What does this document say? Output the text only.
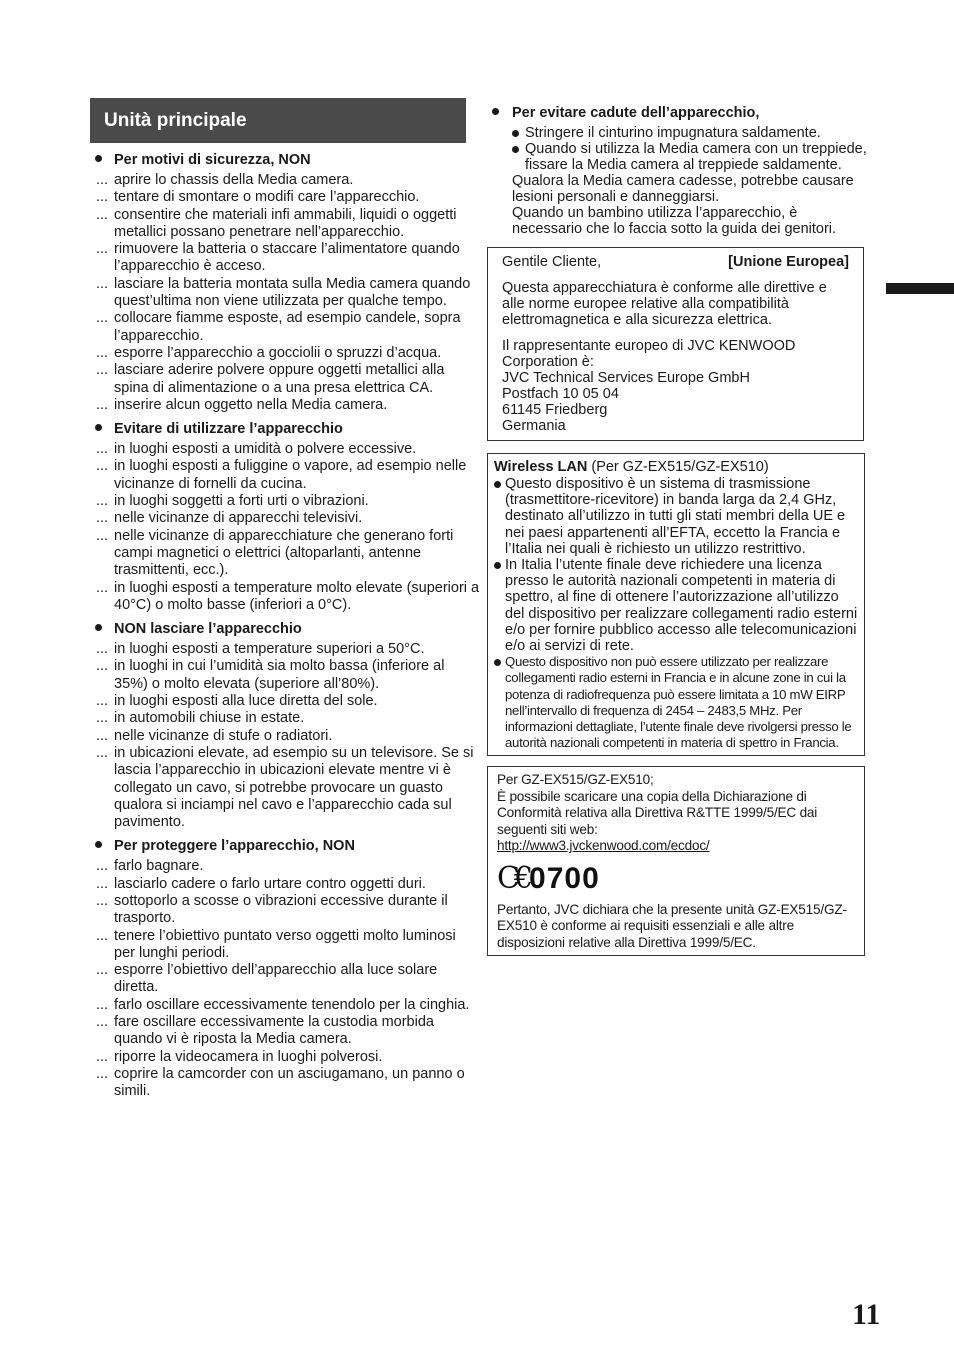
Unità principale
Per motivi di sicurezza, NON
... aprire lo chassis della Media camera.
... tentare di smontare o modifi care l’apparecchio.
... consentire che materiali infi ammabili, liquidi o oggetti metallici possano penetrare nell’apparecchio.
... rimuovere la batteria o staccare l’alimentatore quando l’apparecchio è acceso.
... lasciare la batteria montata sulla Media camera quando quest’ultima non viene utilizzata per qualche tempo.
... collocare fiamme esposte, ad esempio candele, sopra l’apparecchio.
... esporre l’apparecchio a gocciolii o spruzzi d’acqua.
... lasciare aderire polvere oppure oggetti metallici alla spina di alimentazione o a una presa elettrica CA.
... inserire alcun oggetto nella Media camera.
Evitare di utilizzare l’apparecchio
... in luoghi esposti a umidità o polvere eccessive.
... in luoghi esposti a fuliggine o vapore, ad esempio nelle vicinanze di fornelli da cucina.
... in luoghi soggetti a forti urti o vibrazioni.
... nelle vicinanze di apparecchi televisivi.
... nelle vicinanze di apparecchiature che generano forti campi magnetici o elettrici (altoparlanti, antenne trasmittenti, ecc.).
... in luoghi esposti a temperature molto elevate (superiori a 40°C) o molto basse (inferiori a 0°C).
NON lasciare l’apparecchio
... in luoghi esposti a temperature superiori a 50°C.
... in luoghi in cui l’umidità sia molto bassa (inferiore al 35%) o molto elevata (superiore all’80%).
... in luoghi esposti alla luce diretta del sole.
... in automobili chiuse in estate.
... nelle vicinanze di stufe o radiatori.
... in ubicazioni elevate, ad esempio su un televisore. Se si lascia l’apparecchio in ubicazioni elevate mentre vi è collegato un cavo, si potrebbe provocare un guasto qualora si inciampi nel cavo e l’apparecchio cada sul pavimento.
Per proteggere l’apparecchio, NON
... farlo bagnare.
... lasciarlo cadere o farlo urtare contro oggetti duri.
... sottoporlo a scosse o vibrazioni eccessive durante il trasporto.
... tenere l’obiettivo puntato verso oggetti molto luminosi per lunghi periodi.
... esporre l’obiettivo dell’apparecchio alla luce solare diretta.
... farlo oscillare eccessivamente tenendolo per la cinghia.
... fare oscillare eccessivamente la custodia morbida quando vi è riposta la Media camera.
... riporre la videocamera in luoghi polverosi.
... coprire la camcorder con un asciugamano, un panno o simili.
Per evitare cadute dell’apparecchio,
Stringere il cinturino impugnatura saldamente.
Quando si utilizza la Media camera con un treppiede, fissare la Media camera al treppiede saldamente.
Qualora la Media camera cadesse, potrebbe causare lesioni personali e danneggiarsi.
Quando un bambino utilizza l’apparecchio, è necessario che lo faccia sotto la guida dei genitori.
Gentile Cliente,	[Unione Europea]

Questa apparecchiatura è conforme alle direttive e alle norme europee relative alla compatibilità elettromagnetica e alla sicurezza elettrica.

Il rappresentante europeo di JVC KENWOOD Corporation è:
JVC Technical Services Europe GmbH
Postfach 10 05 04
61145 Friedberg
Germania

Wireless LAN (Per GZ-EX515/GZ-EX510)
Questo dispositivo è un sistema di trasmissione (trasmettitore-ricevitore) in banda larga da 2,4 GHz, destinato all’utilizzo in tutti gli stati membri della UE e nei paesi appartenenti all’EFTA, eccetto la Francia e l’Italia nei quali è richiesto un utilizzo restrittivo.
In Italia l’utente finale deve richiedere una licenza presso le autorità nazionali competenti in materia di spettro, al fine di ottenere l’autorizzazione all’utilizzo del dispositivo per realizzare collegamenti radio esterni e/o per fornire pubblico accesso alle telecomunicazioni e/o ai servizi di rete.
Questo dispositivo non può essere utilizzato per realizzare collegamenti radio esterni in Francia e in alcune zone in cui la potenza di radiofrequenza può essere limitata a 10 mW EIRP nell’intervallo di frequenza di 2454 – 2483,5 MHz. Per informazioni dettagliate, l’utente finale deve rivolgersi presso le autorità nazionali competenti in materia di spettro in Francia.

Per GZ-EX515/GZ-EX510;

È possibile scaricare una copia della Dichiarazione di Conformità relativa alla Direttiva R&TTE 1999/5/EC dai seguenti siti web:

http://www3.jvckenwood.com/ecdoc/

C€ 0700

Pertanto, JVC dichiara che la presente unità GZ-EX515/GZ-EX510 è conforme ai requisiti essenziali e alle altre disposizioni relative alla Direttiva 1999/5/EC.

11
